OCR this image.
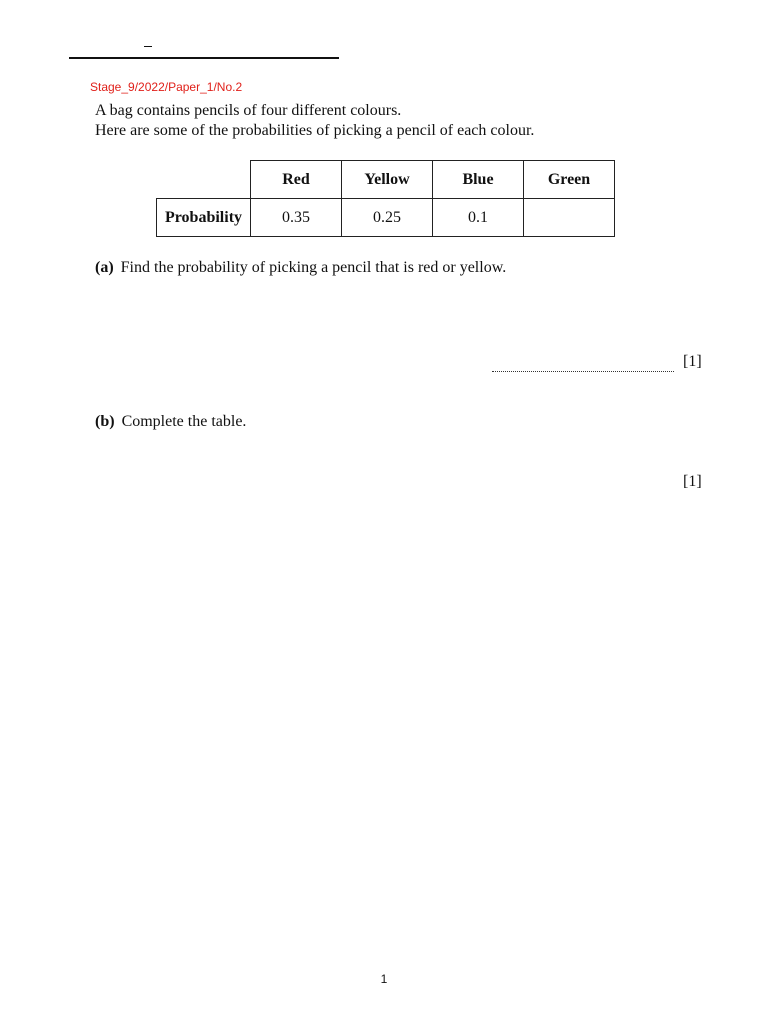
Stage_9/2022/Paper_1/No.2
A bag contains pencils of four different colours.
Here are some of the probabilities of picking a pencil of each colour.
	Red	Yellow	Blue	Green
Probability	0.35	0.25	0.1	
(a) Find the probability of picking a pencil that is red or yellow.
[1]
(b) Complete the table.
[1]
1
